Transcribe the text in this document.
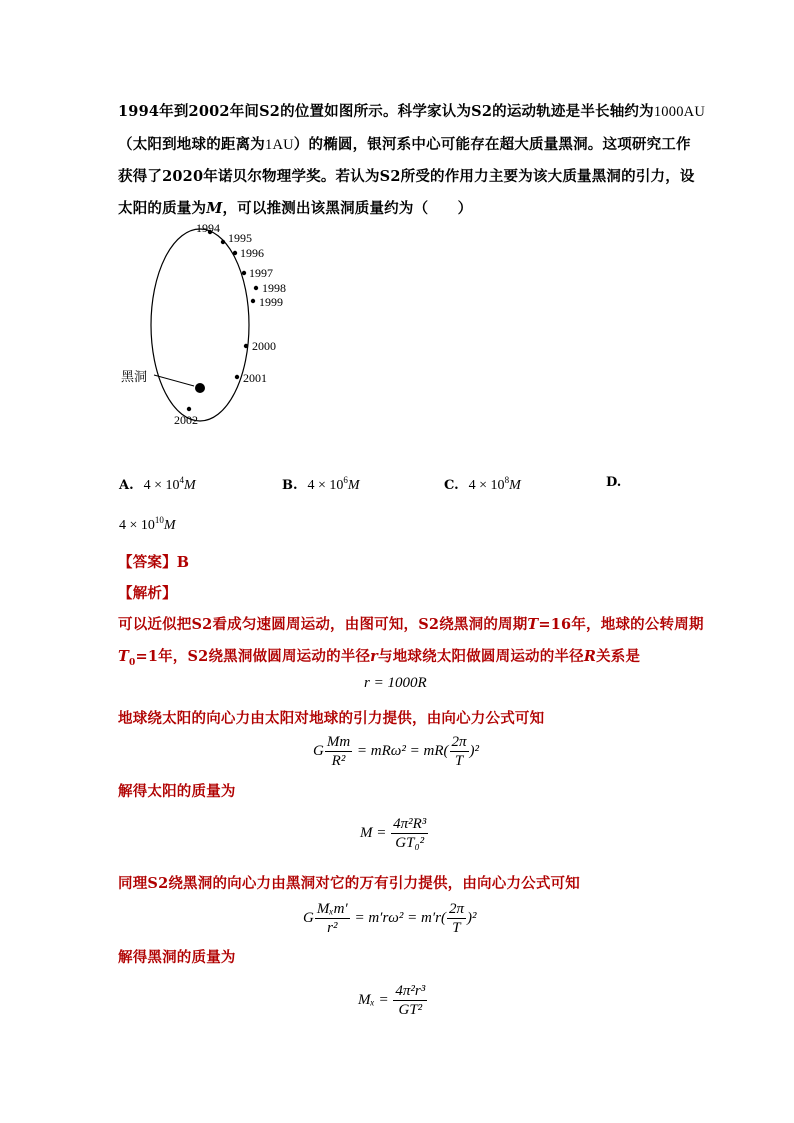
1994年到2002年间S2的位置如图所示。科学家认为S2的运动轨迹是半长轴约为1000AU
（太阳到地球的距离为1AU）的椭圆，银河系中心可能存在超大质量黑洞。这项研究工作
获得了2020年诺贝尔物理学奖。若认为S2所受的作用力主要为该大质量黑洞的引力，设
太阳的质量为M，可以推测出该黑洞质量约为（　　）
1994
1995
1996
1997
1998
1999
2000
2001
2002
黑洞
A. $4 \times 10^4M$	B. $4 \times 10^6M$	C. $4 \times 10^8M$	D.
$4 \times 10^{10}M$
【答案】B
【解析】
可以近似把S2看成匀速圆周运动，由图可知，S2绕黑洞的周期T=16年，地球的公转周期
$T_0=1$年，S2绕黑洞做圆周运动的半径r与地球绕太阳做圆周运动的半径R关系是
r = 1000R
地球绕太阳的向心力由太阳对地球的引力提供，由向心力公式可知
G $\frac{Mm}{\text{R²}} = mR\omega^2 = mR( \frac{2\pi}{T} )^2$
解得太阳的质量为
$M = \frac{\text{4π²R³}}{\text{GT₀²}}$
同理S2绕黑洞的向心力由黑洞对它的万有引力提供，由向心力公式可知
G $\frac{\text{Mₓm′}}{\text{r²}} = m'r\omega^2 = m'r( \frac{2\pi}{T} )^2$
解得黑洞的质量为
$M_x = \frac{\text{4π²r³}}{\text{GT²}}$
